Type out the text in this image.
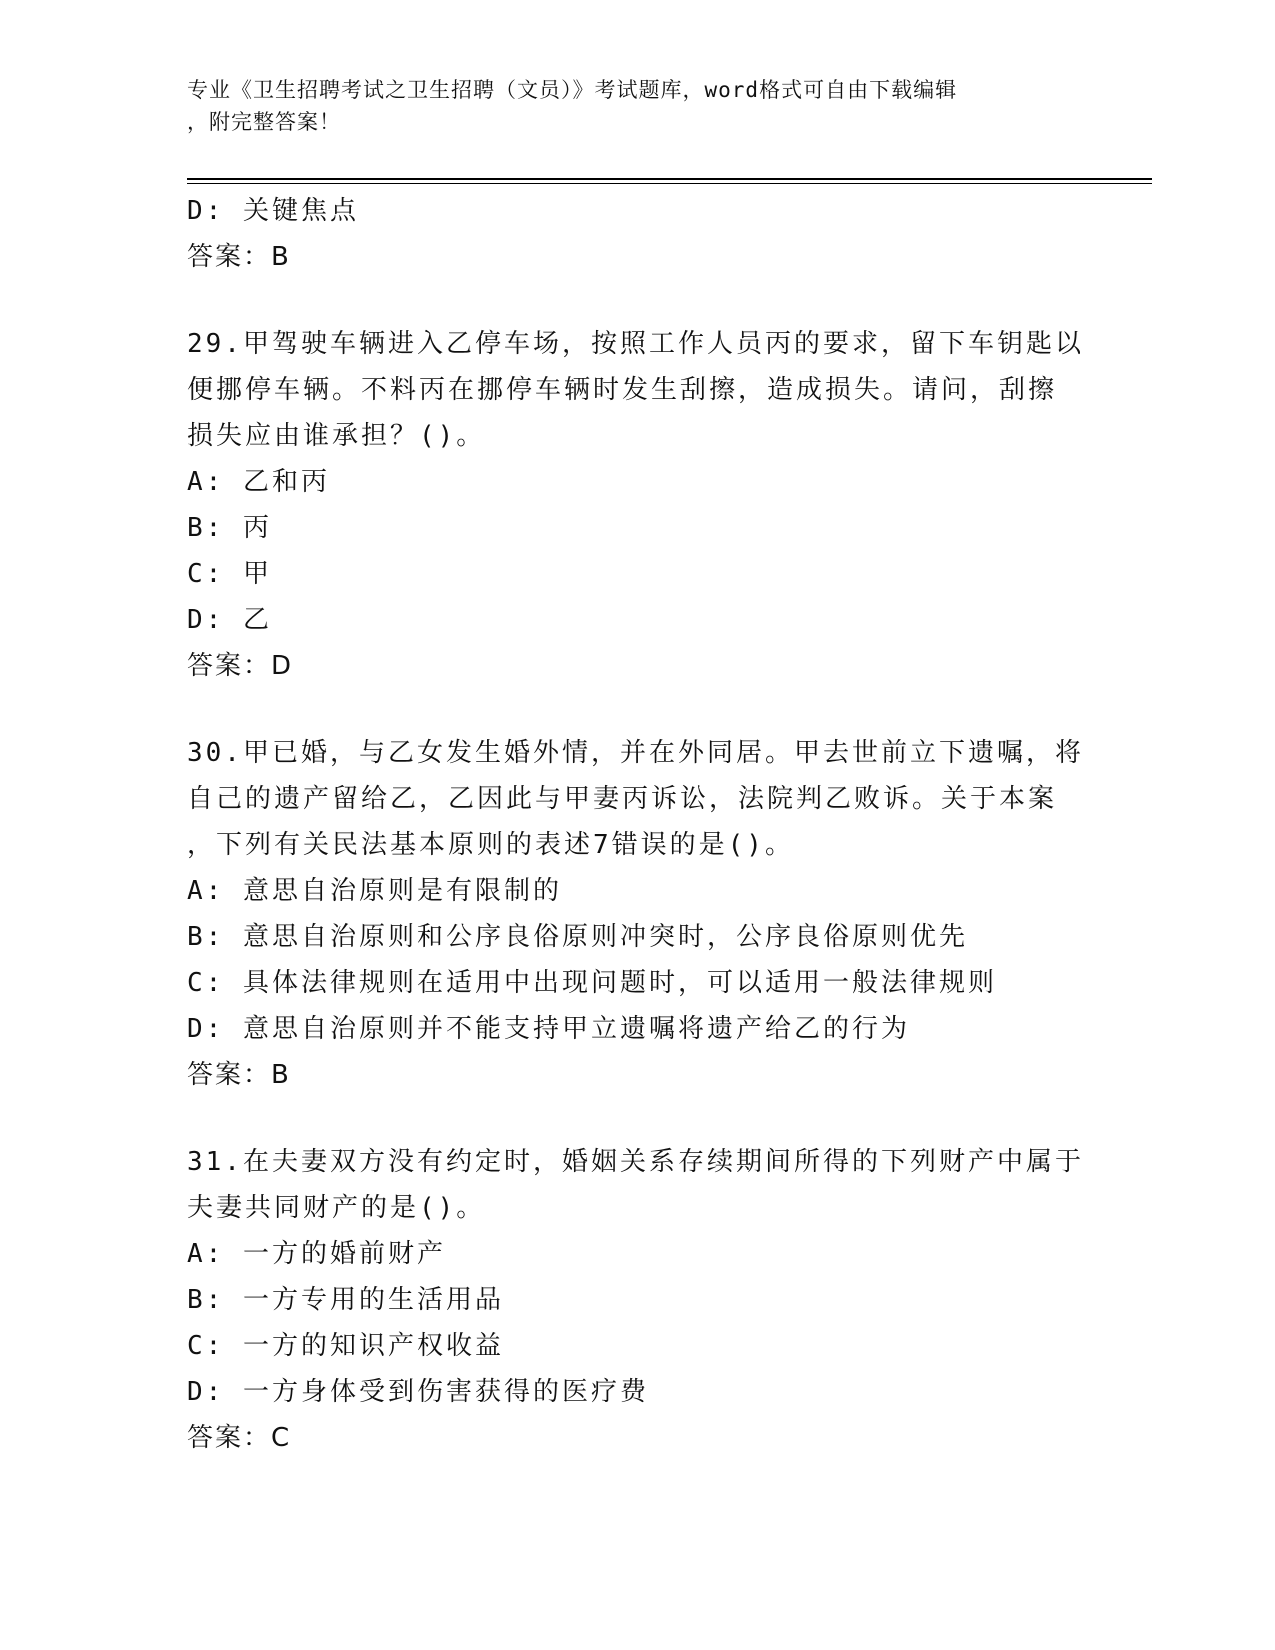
专业《卫生招聘考试之卫生招聘（文员）》考试题库，word格式可自由下载编辑
，附完整答案！
D: 关键焦点
答案：B
29.甲驾驶车辆进入乙停车场，按照工作人员丙的要求，留下车钥匙以
便挪停车辆。不料丙在挪停车辆时发生刮擦，造成损失。请问，刮擦
损失应由谁承担？()。
A: 乙和丙
B: 丙
C: 甲
D: 乙
答案：D
30.甲已婚，与乙女发生婚外情，并在外同居。甲去世前立下遗嘱，将
自己的遗产留给乙，乙因此与甲妻丙诉讼，法院判乙败诉。关于本案
，下列有关民法基本原则的表述7错误的是()。
A: 意思自治原则是有限制的
B: 意思自治原则和公序良俗原则冲突时，公序良俗原则优先
C: 具体法律规则在适用中出现问题时，可以适用一般法律规则
D: 意思自治原则并不能支持甲立遗嘱将遗产给乙的行为
答案：B
31.在夫妻双方没有约定时，婚姻关系存续期间所得的下列财产中属于
夫妻共同财产的是()。
A: 一方的婚前财产
B: 一方专用的生活用品
C: 一方的知识产权收益
D: 一方身体受到伤害获得的医疗费
答案：C
